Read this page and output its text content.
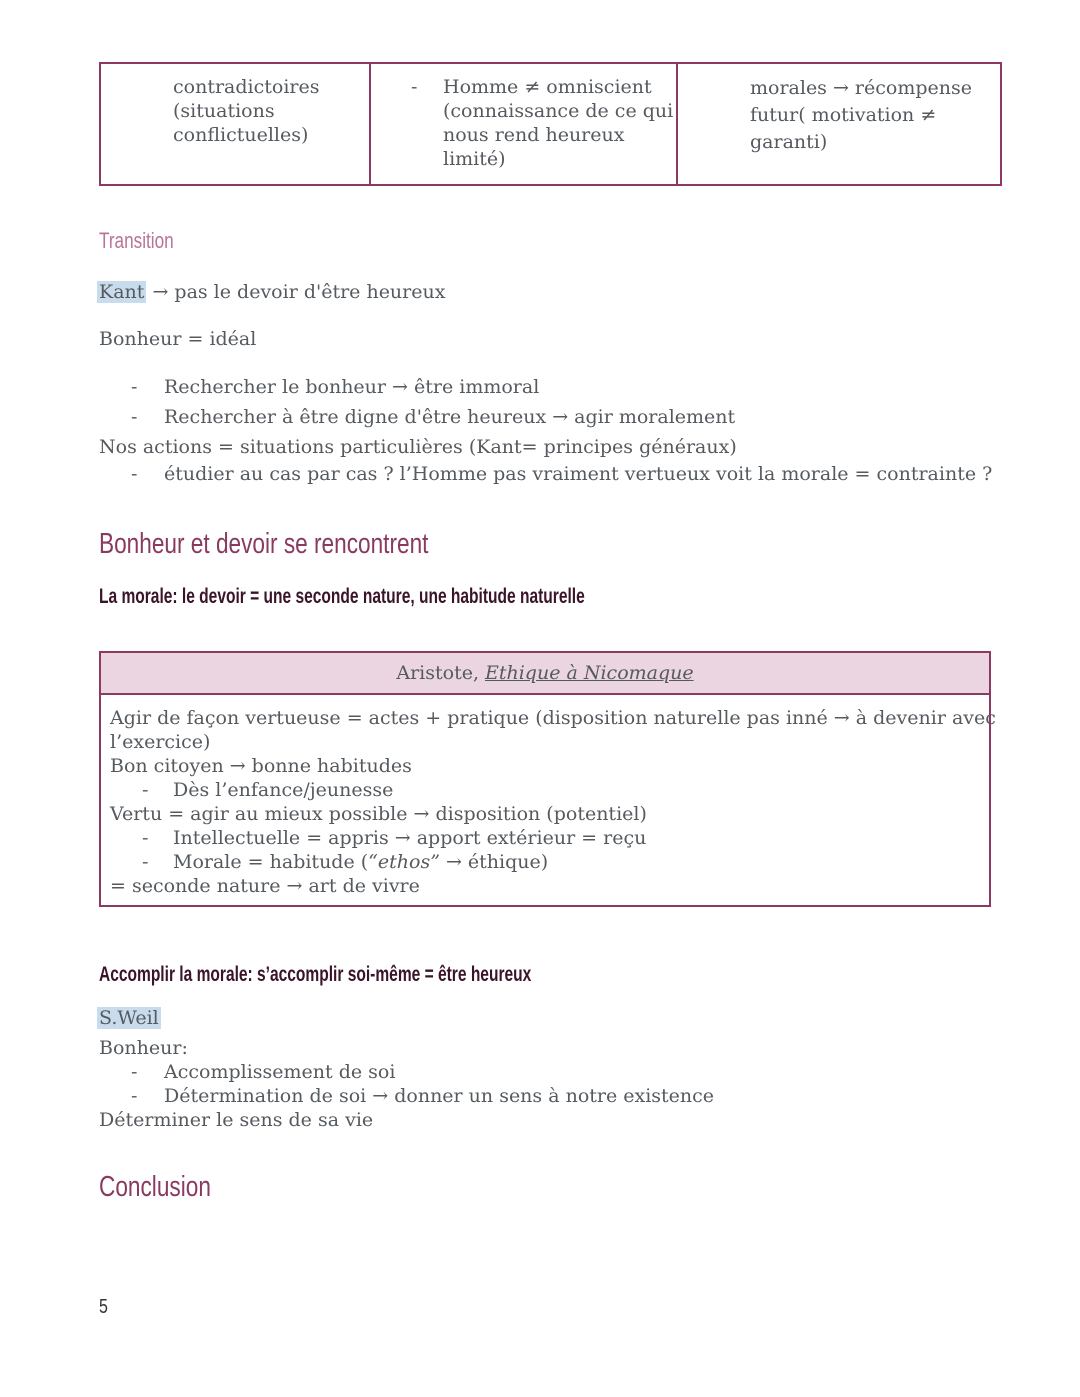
contradictoires
(situations
conflictuelles)
- Homme ≠ omniscient
(connaissance de ce qui
nous rend heureux
limité)
morales → récompense
futur( motivation ≠
garanti)
Transition
Kant → pas le devoir d'être heureux
Bonheur = idéal
- Rechercher le bonheur → être immoral
- Rechercher à être digne d'être heureux → agir moralement
Nos actions = situations particulières (Kant= principes généraux)
- étudier au cas par cas ? l’Homme pas vraiment vertueux voit la morale = contrainte ?
Bonheur et devoir se rencontrent
La morale: le devoir = une seconde nature, une habitude naturelle
Aristote, Ethique à Nicomaque
Agir de façon vertueuse = actes + pratique (disposition naturelle pas inné → à devenir avec
l’exercice)
Bon citoyen → bonne habitudes
- Dès l’enfance/jeunesse
Vertu = agir au mieux possible → disposition (potentiel)
- Intellectuelle = appris → apport extérieur = reçu
- Morale = habitude (“ethos” → éthique)
= seconde nature → art de vivre
Accomplir la morale: s’accomplir soi-même = être heureux
S.Weil
Bonheur:
- Accomplissement de soi
- Détermination de soi → donner un sens à notre existence
Déterminer le sens de sa vie
Conclusion
5
